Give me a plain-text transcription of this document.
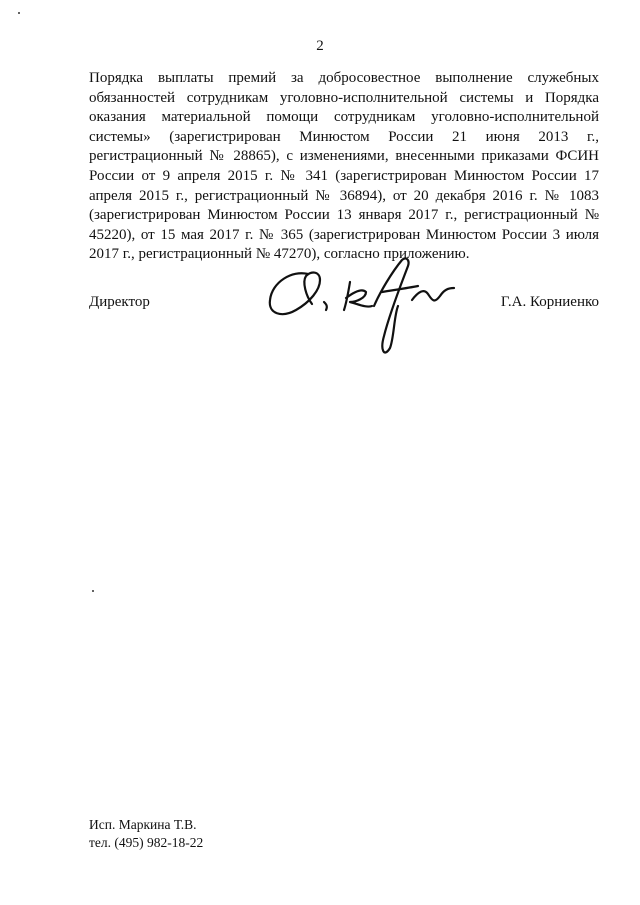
2

Порядка выплаты премий за добросовестное выполнение служебных обязанностей сотрудникам уголовно-исполнительной системы и Порядка оказания материальной помощи сотрудникам уголовно-исполнительной системы» (зарегистрирован Минюстом России 21 июня 2013 г., регистрационный № 28865), с изменениями, внесенными приказами ФСИН России от 9 апреля 2015 г. № 341 (зарегистрирован Минюстом России 17 апреля 2015 г., регистрационный № 36894), от 20 декабря 2016 г. № 1083 (зарегистрирован Минюстом России 13 января 2017 г., регистрационный № 45220), от 15 мая 2017 г. № 365 (зарегистрирован Минюстом России 3 июля 2017 г., регистрационный № 47270), согласно приложению.

Директор	Г.А. Корниенко
Исп. Маркина Т.В.
тел. (495) 982-18-22
